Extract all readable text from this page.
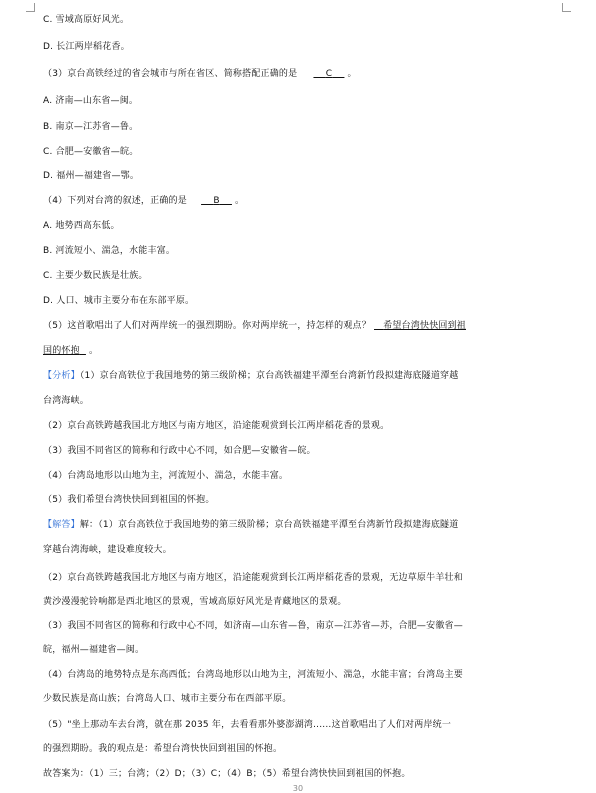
C. 雪域高原好风光。
D. 长江两岸稻花香。
（3）京台高铁经过的省会城市与所在省区、简称搭配正确的是	C 。
A. 济南—山东省—闽。
B. 南京—江苏省—鲁。
C. 合肥—安徽省—皖。
D. 福州—福建省—鄂。
（4）下列对台湾的叙述，正确的是	B 。
A. 地势西高东低。
B. 河流短小、湍急，水能丰富。
C. 主要少数民族是壮族。
D. 人口、城市主要分布在东部平原。
（5）这首歌唱出了人们对两岸统一的强烈期盼。你对两岸统一，持怎样的观点？ 希望台湾快快回到祖
国的怀抱 。
【分析】（1）京台高铁位于我国地势的第三级阶梯；京台高铁福建平潭至台湾新竹段拟建海底隧道穿越
台湾海峡。
（2）京台高铁跨越我国北方地区与南方地区，沿途能观赏到长江两岸稻花香的景观。
（3）我国不同省区的简称和行政中心不同，如合肥—安徽省—皖。
（4）台湾岛地形以山地为主，河流短小、湍急，水能丰富。
（5）我们希望台湾快快回到祖国的怀抱。
【解答】解：（1）京台高铁位于我国地势的第三级阶梯；京台高铁福建平潭至台湾新竹段拟建海底隧道
穿越台湾海峡，建设难度较大。
（2）京台高铁跨越我国北方地区与南方地区，沿途能观赏到长江两岸稻花香的景观，无边草原牛羊壮和
黄沙漫漫驼铃响都是西北地区的景观，雪域高原好风光是青藏地区的景观。
（3）我国不同省区的简称和行政中心不同，如济南—山东省—鲁，南京—江苏省—苏，合肥—安徽省—
皖，福州—福建省—闽。
（4）台湾岛的地势特点是东高西低；台湾岛地形以山地为主，河流短小、湍急，水能丰富；台湾岛主要
少数民族是高山族；台湾岛人口、城市主要分布在西部平原。
（5）"坐上那动车去台湾，就在那 2035 年，去看看那外婆澎湖湾......这首歌唱出了人们对两岸统一
的强烈期盼。我的观点是：希望台湾快快回到祖国的怀抱。
故答案为：（1）三；台湾；（2）D；（3）C；（4）B；（5）希望台湾快快回到祖国的怀抱。
30
